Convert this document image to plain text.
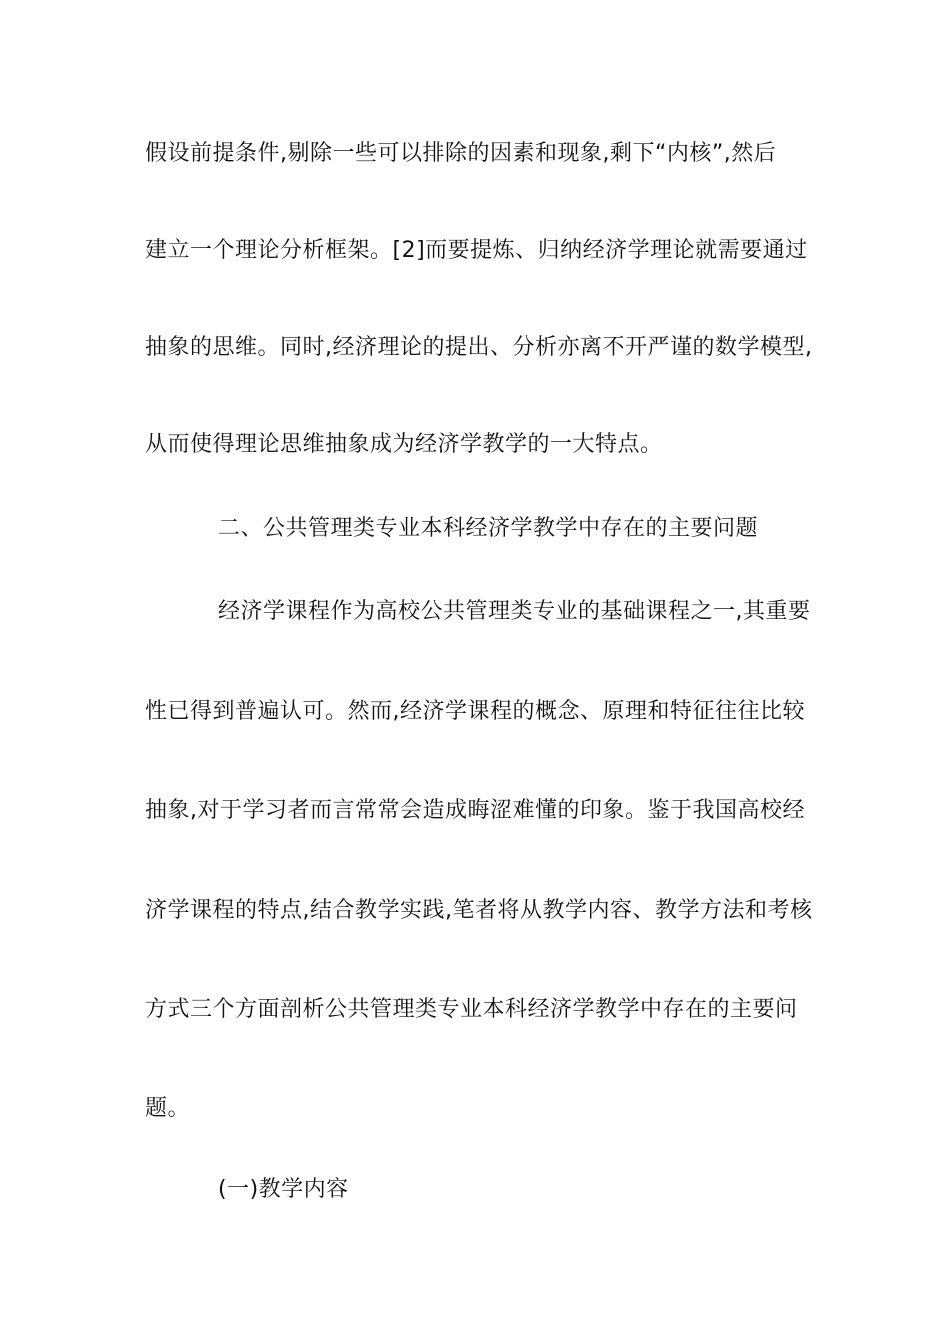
假设前提条件,剔除一些可以排除的因素和现象,剩下“内核”,然后
建立一个理论分析框架。[2]而要提炼、归纳经济学理论就需要通过
抽象的思维。同时,经济理论的提出、分析亦离不开严谨的数学模型,
从而使得理论思维抽象成为经济学教学的一大特点。
二、公共管理类专业本科经济学教学中存在的主要问题
经济学课程作为高校公共管理类专业的基础课程之一,其重要
性已得到普遍认可。然而,经济学课程的概念、原理和特征往往比较
抽象,对于学习者而言常常会造成晦涩难懂的印象。鉴于我国高校经
济学课程的特点,结合教学实践,笔者将从教学内容、教学方法和考核
方式三个方面剖析公共管理类专业本科经济学教学中存在的主要问
题。
(一)教学内容
